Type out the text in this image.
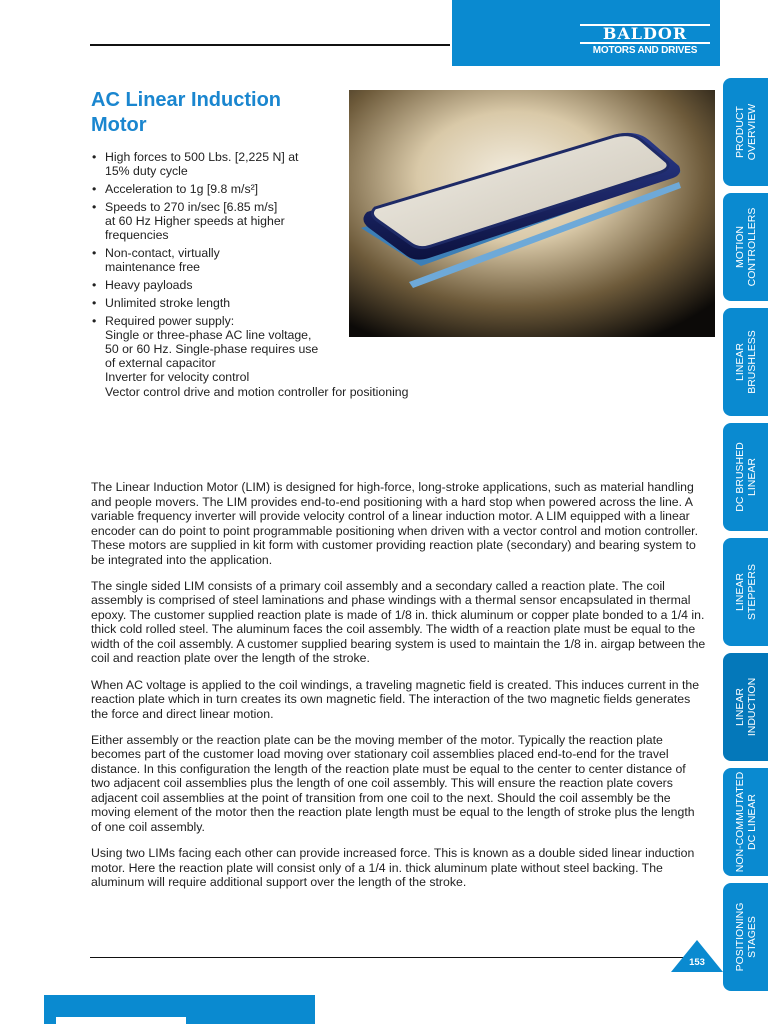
BALDOR
MOTORS AND DRIVES
PRODUCT
OVERVIEW
MOTION
CONTROLLERS
LINEAR
BRUSHLESS
DC BRUSHED
LINEAR
LINEAR
STEPPERS
LINEAR
INDUCTION
NON-COMMUTATED
DC LINEAR
POSITIONING
STAGES
AC Linear Induction Motor
• High forces to 500 Lbs. [2,225 N] at
15% duty cycle
• Acceleration to 1g [9.8 m/s²]
• Speeds to 270 in/sec [6.85 m/s]
at 60 Hz Higher speeds at higher
frequencies
• Non-contact, virtually
maintenance free
• Heavy payloads
• Unlimited stroke length
• Required power supply:
Single or three-phase AC line voltage,
50 or 60 Hz. Single-phase requires use
of external capacitor
Inverter for velocity control
Vector control drive and motion controller for positioning

The Linear Induction Motor (LIM) is designed for high-force, long-stroke applications, such as material handling and people movers. The LIM provides end-to-end positioning with a hard stop when powered across the line. A variable frequency inverter will provide velocity control of a linear induction motor. A LIM equipped with a linear encoder can do point to point programmable positioning when driven with a vector control and motion controller. These motors are supplied in kit form with customer providing reaction plate (secondary) and bearing system to be integrated into the application.

The single sided LIM consists of a primary coil assembly and a secondary called a reaction plate. The coil assembly is comprised of steel laminations and phase windings with a thermal sensor encapsulated in thermal epoxy. The customer supplied reaction plate is made of 1/8 in. thick aluminum or copper plate bonded to a 1/4 in. thick cold rolled steel. The aluminum faces the coil assembly. The width of a reaction plate must be equal to the width of the coil assembly. A customer supplied bearing system is used to maintain the 1/8 in. airgap between the coil and reaction plate over the length of the stroke.

When AC voltage is applied to the coil windings, a traveling magnetic field is created. This induces current in the reaction plate which in turn creates its own magnetic field. The interaction of the two magnetic fields generates the force and direct linear motion.

Either assembly or the reaction plate can be the moving member of the motor. Typically the reaction plate becomes part of the customer load moving over stationary coil assemblies placed end-to-end for the travel distance. In this configuration the length of the reaction plate must be equal to the center to center distance of two adjacent coil assemblies plus the length of one coil assembly. This will ensure the reaction plate covers adjacent coil assemblies at the point of transition from one coil to the next. Should the coil assembly be the moving element of the motor then the reaction plate length must be equal to the length of stroke plus the length of one coil assembly.

Using two LIMs facing each other can provide increased force. This is known as a double sided linear induction motor. Here the reaction plate will consist only of a 1/4 in. thick aluminum plate without steel backing. The aluminum will require additional support over the length of the stroke.

153
